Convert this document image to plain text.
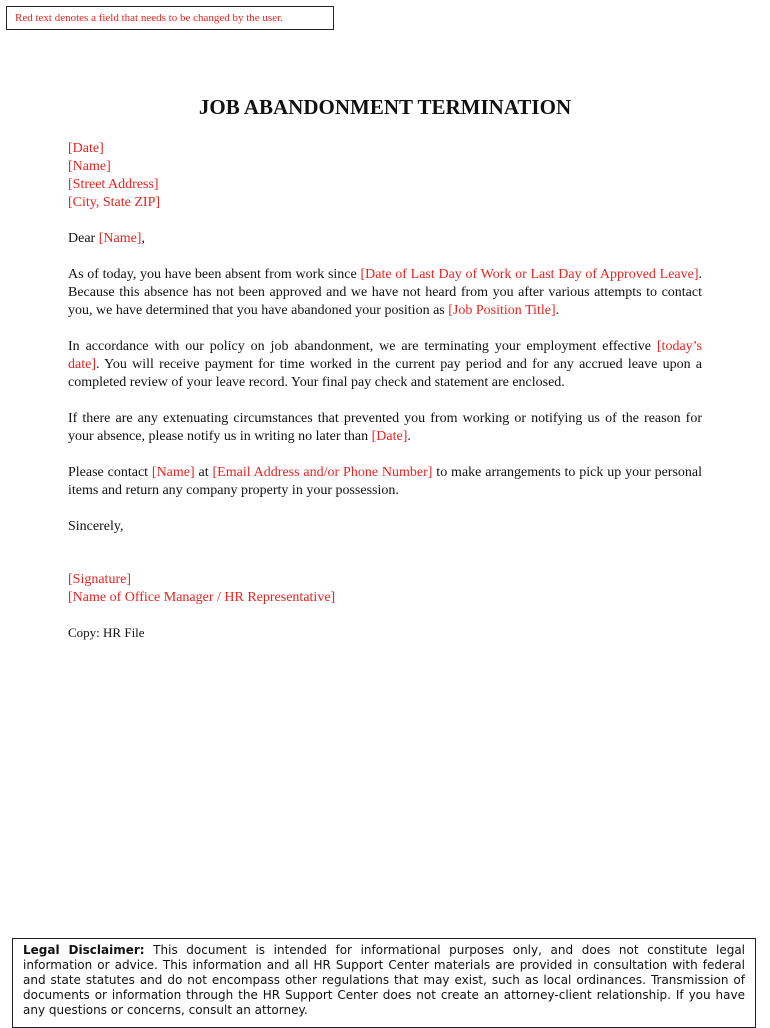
Red text denotes a field that needs to be changed by the user.
JOB ABANDONMENT TERMINATION
[Date]
[Name]
[Street Address]
[City, State ZIP]

Dear [Name],

As of today, you have been absent from work since [Date of Last Day of Work or Last Day of Approved Leave]. Because this absence has not been approved and we have not heard from you after various attempts to contact you, we have determined that you have abandoned your position as [Job Position Title].

In accordance with our policy on job abandonment, we are terminating your employment effective [today’s date]. You will receive payment for time worked in the current pay period and for any accrued leave upon a completed review of your leave record. Your final pay check and statement are enclosed.

If there are any extenuating circumstances that prevented you from working or notifying us of the reason for your absence, please notify us in writing no later than [Date].

Please contact [Name] at [Email Address and/or Phone Number] to make arrangements to pick up your personal items and return any company property in your possession.

Sincerely,

[Signature]
[Name of Office Manager / HR Representative]

Copy: HR File

Legal Disclaimer: This document is intended for informational purposes only, and does not constitute legal information or advice. This information and all HR Support Center materials are provided in consultation with federal and state statutes and do not encompass other regulations that may exist, such as local ordinances. Transmission of documents or information through the HR Support Center does not create an attorney-client relationship. If you have any questions or concerns, consult an attorney.
